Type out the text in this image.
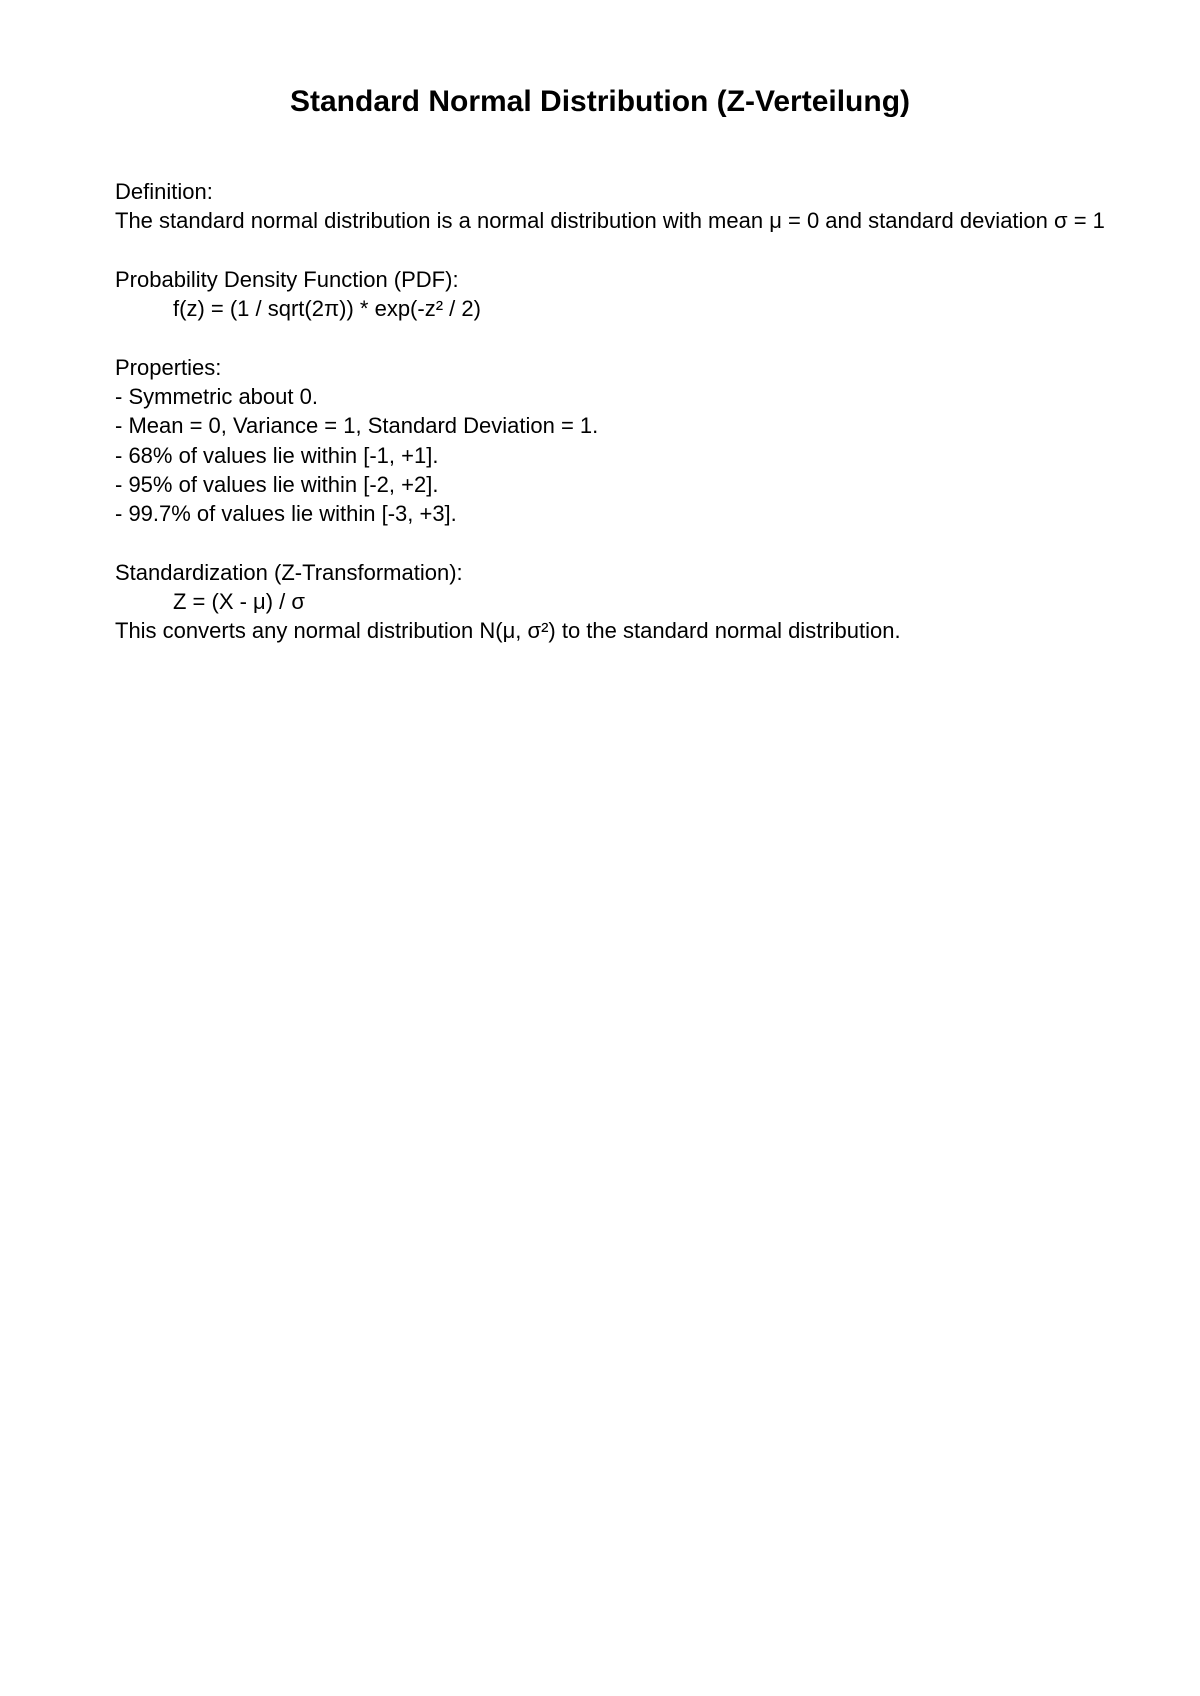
Standard Normal Distribution (Z-Verteilung)
Definition:
The standard normal distribution is a normal distribution with mean μ = 0 and standard deviation σ = 1
Probability Density Function (PDF):
f(z) = (1 / sqrt(2π)) * exp(-z² / 2)
Properties:
- Symmetric about 0.
- Mean = 0, Variance = 1, Standard Deviation = 1.
- 68% of values lie within [-1, +1].
- 95% of values lie within [-2, +2].
- 99.7% of values lie within [-3, +3].
Standardization (Z-Transformation):
Z = (X - μ) / σ
This converts any normal distribution N(μ, σ²) to the standard normal distribution.
